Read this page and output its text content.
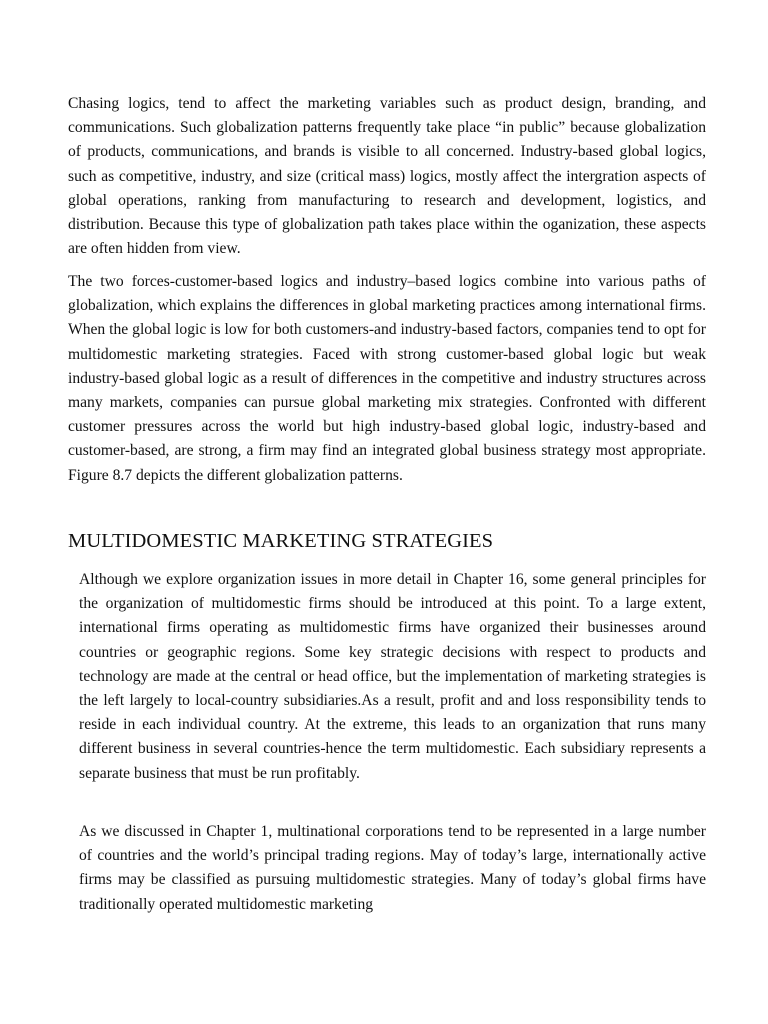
Chasing logics, tend to affect the marketing variables such as product design, branding, and communications. Such globalization patterns frequently take place “in public” because globalization of products, communications, and brands is visible to all concerned. Industry-based global logics, such as competitive, industry, and size (critical mass) logics, mostly affect the intergration aspects of global operations, ranking from manufacturing to research and development, logistics, and distribution. Because this type of globalization path takes place within the oganization, these aspects are often hidden from view.

The two forces-customer-based logics and industry–based logics combine into various paths of globalization, which explains the differences in global marketing practices among international firms. When the global logic is low for both customers-and industry-based factors, companies tend to opt for multidomestic marketing strategies. Faced with strong customer-based global logic but weak industry-based global logic as a result of differences in the competitive and industry structures across many markets, companies can pursue global marketing mix strategies. Confronted with different customer pressures across the world but high industry-based global logic, industry-based and customer-based, are strong, a firm may find an integrated global business strategy most appropriate. Figure 8.7 depicts the different globalization patterns.

MULTIDOMESTIC MARKETING STRATEGIES

Although we explore organization issues in more detail in Chapter 16, some general principles for the organization of multidomestic firms should be introduced at this point. To a large extent, international firms operating as multidomestic firms have organized their businesses around countries or geographic regions. Some key strategic decisions with respect to products and technology are made at the central or head office, but the implementation of marketing strategies is the left largely to local-country subsidiaries.As a result, profit and and loss responsibility tends to reside in each individual country. At the extreme, this leads to an organization that runs many different business in several countries-hence the term multidomestic. Each subsidiary represents a separate business that must be run profitably.

As we discussed in Chapter 1, multinational corporations tend to be represented in a large number of countries and the world’s principal trading regions. May of today’s large, internationally active firms may be classified as pursuing multidomestic strategies. Many of today’s global firms have traditionally operated multidomestic marketing
